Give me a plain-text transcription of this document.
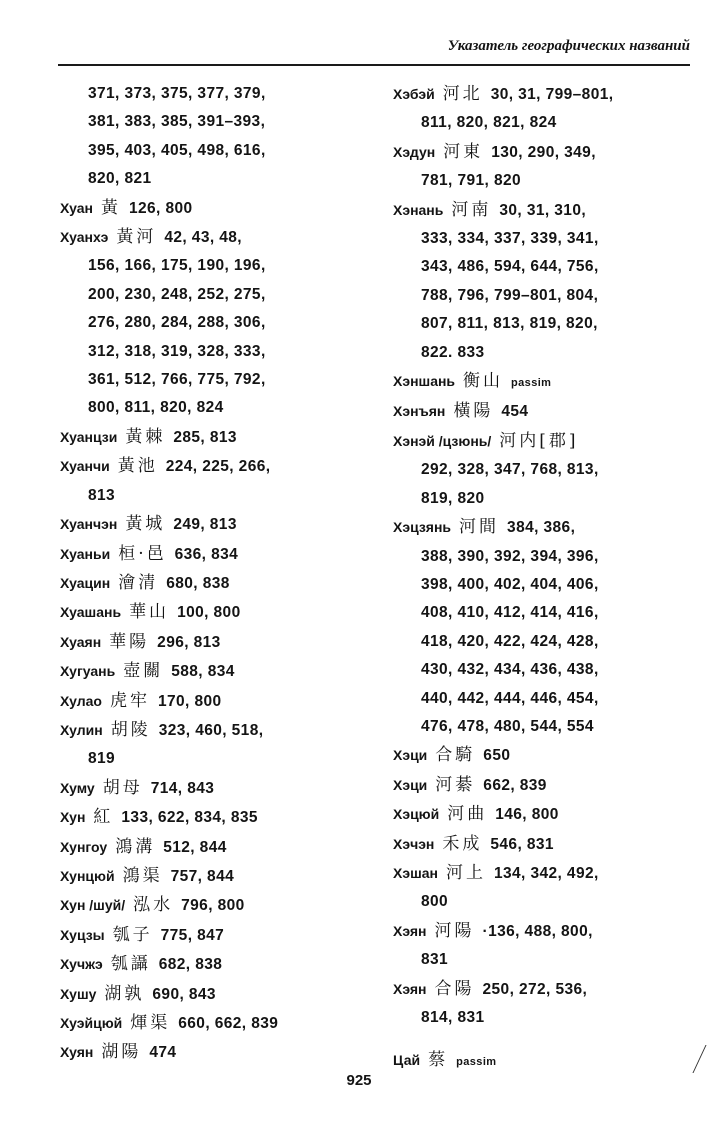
Указатель географических названий
371, 373, 375, 377, 379,
381, 383, 385, 391–393,
395, 403, 405, 498, 616,
820, 821
Хуан 黃 126, 800
Хуанхэ 黃河 42, 43, 48,
156, 166, 175, 190, 196,
200, 230, 248, 252, 275,
276, 280, 284, 288, 306,
312, 318, 319, 328, 333,
361, 512, 766, 775, 792,
800, 811, 820, 824
Хуанцзи 黃棘 285, 813
Хуанчи 黃池 224, 225, 266,
813
Хуанчэн 黃城 249, 813
Хуаньи 桓·邑 636, 834
Хуацин 澮清 680, 838
Хуашань 華山 100, 800
Хуаян 華陽 296, 813
Хугуань 壺關 588, 834
Хулао 虎牢 170, 800
Хулин 胡陵 323, 460, 518,
819
Хуму 胡母 714, 843
Хун 紅 133, 622, 834, 835
Хунгоу 鴻溝 512, 844
Хунцюй 鴻渠 757, 844
Хун /шуй/ 泓水 796, 800
Хуцзы 瓠子 775, 847
Хучжэ 瓠讘 682, 838
Хушу 湖孰 690, 843
Хуэйцюй 煇渠 660, 662, 839
Хуян 湖陽 474
Хэбэй 河北 30, 31, 799–801,
811, 820, 821, 824
Хэдун 河東 130, 290, 349,
781, 791, 820
Хэнань 河南 30, 31, 310,
333, 334, 337, 339, 341,
343, 486, 594, 644, 756,
788, 796, 799–801, 804,
807, 811, 813, 819, 820,
822. 833
Хэншань 衡山 passim
Хэнъян 橫陽 454
Хэнэй /цзюнь/ 河内[郡]
292, 328, 347, 768, 813,
819, 820
Хэцзянь 河間 384, 386,
388, 390, 392, 394, 396,
398, 400, 402, 404, 406,
408, 410, 412, 414, 416,
418, 420, 422, 424, 428,
430, 432, 434, 436, 438,
440, 442, 444, 446, 454,
476, 478, 480, 544, 554
Хэци 合騎 650
Хэци 河綦 662, 839
Хэцюй 河曲 146, 800
Хэчэн 禾成 546, 831
Хэшан 河上 134, 342, 492,
800
Хэян 河陽 ·136, 488, 800,
831
Хэян 合陽 250, 272, 536,
814, 831
Цай 蔡 passim
925
